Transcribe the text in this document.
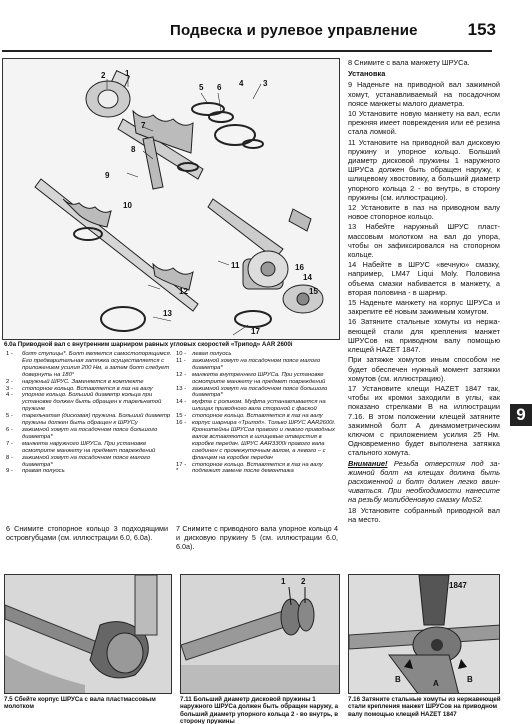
Подвеска и рулевое управление	153
1
2
3
4
5 6
7
8
9
10
11
12
13
14
15
16
17
6.0а Приводной вал с внутренним шарниром равных угловых скоростей «Трипод» AAR 2600i
1 -	болт ступицы*. Болт является самостопорящимся. Его предварительная затяжка осуществляется с приложением усилия 200 Нм, а затем болт следует довернуть на 180°
2 -	наружный ШРУС. Заменяется в комплекте
3 -	стопорное кольцо. Вставляется в паз на валу
4 -	упорное кольцо. Больший диаметр кольца при установке должен быть обращен к тарельчатой пружине
5 -	тарельчатая (дисковая) пружина. Больший диаметр пружины должен быть обращен к ШРУСу
6 -	зажимной хомут на посадочном поясе большого диаметра*
7 -	манжета наружного ШРУСа. При установке осмотрите манжету на предмет повреждений
8 -	зажимной хомут на посадочном поясе малого диаметра*
9 -	правая полуось
10 - левая полуось
11 -	зажимной хомут на посадочном поясе малого диаметра*
12 - манжета внутреннего ШРУСа. При установке осмотрите манжету на предмет повреждений
13 - зажимной хомут на посадочном поясе большого диаметра*
14 - муфта с роликом. Муфта устанавливается на шлицах приводного вала стороной с фаской
15 - стопорное кольцо. Вставляется в паз на валу
16 - корпус шарнира «Трипод». Только ШРУС AAR2600i. Кронштейны ШРУСов правого и левого приводных валов вставляются в шлицевые отверстия в коробке передач. ШРУС AAR3300i правого вала соединен с промежуточным валом, а левого – с фланцем на коробке передач
17 - стопорное кольцо. Вставляется в паз на валу
*	подлежит замене после демонтажа

6 Снимите стопорное кольцо 3 подходящими островгубцами (см. иллюстрации 6.0, 6.0а).

7 Снимите с приводного вала упорное кольцо 4 и дисковую пружину 5 (см. иллюстрации 6.0, 6.0а).

8 Снимите с вала манжету ШРУСа.

Установка

9 Наденьте на приводной вал зажимной хомут, устанавливаемый на посадочном поясе манжеты малого диаметра.

10 Установите новую манжету на вал, если прежняя имеет повреждения или её резина стала ломкой.

11 Установите на приводной вал дисковую пружину и упорное кольцо. Больший диаметр дисковой пружины 1 наружного ШРУСа должен быть обращен наружу, к шлицевому хвостовику, а больший диаметр упорного кольца 2 - во внутрь, в сторону пружины (см. иллюстрацию).

12 Установите в паз на приводном валу новое стопорное кольцо.

13 Набейте наружный ШРУС пластмассовым молотком на вал до упора, чтобы он зафиксировался на стопорном кольце.

14 Набейте в ШРУС «вечную» смазку, например, LM47 Liqui Moly. Половина объема смазки набивается в манжету, а вторая половина - в шарнир.

15 Наденьте манжету на корпус ШРУСа и закрепите её новым зажимным хомутом.

16 Затяните стальные хомуты из нержавеющей стали для крепления манжет ШРУСов на приводном валу помощью клещей HAZET 1847.

При затяжке хомутов иным способом не будет обеспечен нужный момент затяжки хомутов (см. иллюстрацию).

17 Установите клещи HAZET 1847 так, чтобы их кромки заходили в углы, как показано стрелками В на иллюстрации 7.16. В этом положении клещей затяните зажимной болт А динамометрическим ключом с приложением усилия 25 Нм. Одновременно будет выполнена затяжка стального хомута.

Внимание! Резьба отверстия под зажимной болт на клещах должна быть расхоженной и болт должен легко ввинчиваться. При необходимости нанесите на резьбу молибденовую смазку MoS2.

18 Установите собранный приводной вал на место.

9
7.5 Сбейте корпус ШРУСа с вала пластмассовым молотком
1 2
7.11 Больший диаметр дисковой пружины 1 наружного ШРУСа должен быть обращен наружу, а больший диаметр упорного кольца 2 - во внутрь, в сторону пружины
1847
B	A	B
7.16 Затяните стальные хомуты из нержавеющей стали крепления манжет ШРУСов на приводном валу помощью клещей HAZET 1847
